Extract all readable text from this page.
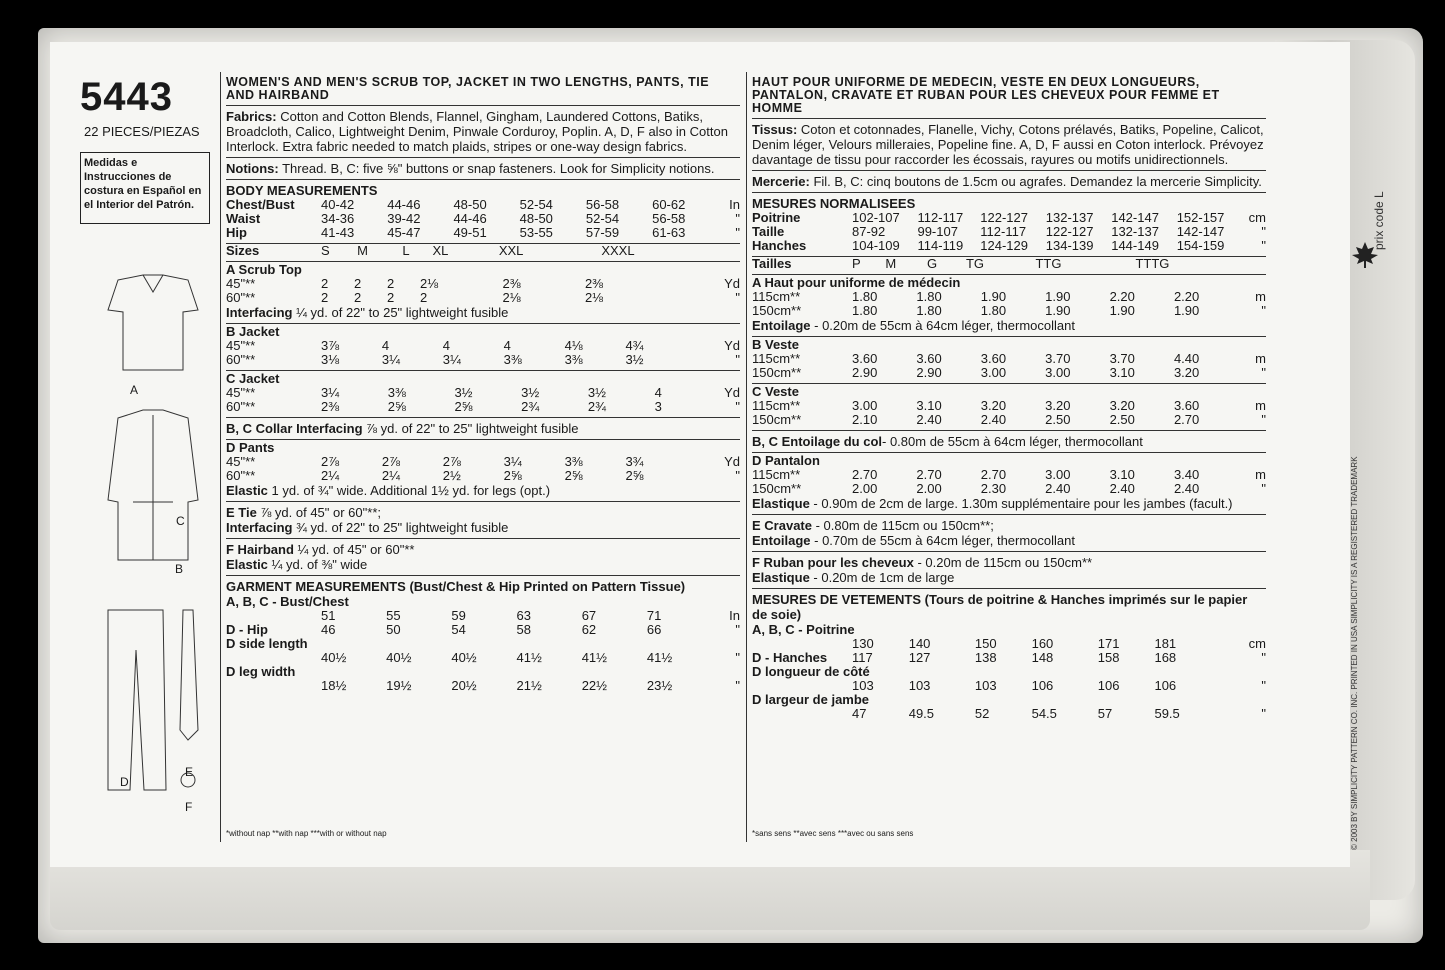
5443
22 PIECES/PIEZAS
Medidas e Instrucciones de costura en Español en el Interior del Patrón.
A
C
B
E
D
F
WOMEN'S AND MEN'S SCRUB TOP, JACKET IN TWO LENGTHS, PANTS, TIE AND HAIRBAND
Fabrics: Cotton and Cotton Blends, Flannel, Gingham, Laundered Cottons, Batiks, Broadcloth, Calico, Lightweight Denim, Pinwale Corduroy, Poplin. A, D, F also in Cotton Interlock. Extra fabric needed to match plaids, stripes or one-way design fabrics.
Notions: Thread. B, C: five ⅝" buttons or snap fasteners. Look for Simplicity notions.
BODY MEASUREMENTS
Chest/Bust	40-42	44-46	48-50	52-54	56-58	60-62	In
Waist	34-36	39-42	44-46	48-50	52-54	56-58	"
Hip	41-43	45-47	49-51	53-55	57-59	61-63	"
Sizes	S	M	L	XL	XXL	XXXL	
A Scrub Top
45"**	2	2	2	2⅛	2⅜	2⅜	Yd
60"**	2	2	2	2	2⅛	2⅛	"
Interfacing ¼ yd. of 22" to 25" lightweight fusible
B Jacket
45"**	3⅞	4	4	4	4⅛	4¾	Yd
60"**	3⅛	3¼	3¼	3⅜	3⅜	3½	"
C Jacket
45"**	3¼	3⅜	3½	3½	3½	4	Yd
60"**	2⅜	2⅝	2⅝	2¾	2¾	3	"
B, C Collar Interfacing ⅞ yd. of 22" to 25" lightweight fusible
D Pants
45"**	2⅞	2⅞	2⅞	3¼	3⅜	3¾	Yd
60"**	2¼	2¼	2½	2⅝	2⅝	2⅝	"
Elastic 1 yd. of ¾" wide. Additional 1½ yd. for legs (opt.)
E Tie ⅞ yd. of 45" or 60"**;
Interfacing ¾ yd. of 22" to 25" lightweight fusible
F Hairband ¼ yd. of 45" or 60"**
Elastic ¼ yd. of ⅜" wide
GARMENT MEASUREMENTS (Bust/Chest & Hip Printed on Pattern Tissue)
A, B, C - Bust/Chest
	51	55	59	63	67	71	In
D - Hip	46	50	54	58	62	66	"
D side length							
	40½	40½	40½	41½	41½	41½	"
D leg width							
	18½	19½	20½	21½	22½	23½	"
*without nap **with nap ***with or without nap
HAUT POUR UNIFORME DE MEDECIN, VESTE EN DEUX LONGUEURS, PANTALON, CRAVATE ET RUBAN POUR LES CHEVEUX POUR FEMME ET HOMME
Tissus: Coton et cotonnades, Flanelle, Vichy, Cotons prélavés, Batiks, Popeline, Calicot, Denim léger, Velours milleraies, Popeline fine. A, D, F aussi en Coton interlock. Prévoyez davantage de tissu pour raccorder les écossais, rayures ou motifs unidirectionnels.
Mercerie: Fil. B, C: cinq boutons de 1.5cm ou agrafes. Demandez la mercerie Simplicity.
MESURES NORMALISEES
Poitrine	102-107	112-117	122-127	132-137	142-147	152-157	cm
Taille	87-92	99-107	112-117	122-127	132-137	142-147	"
Hanches	104-109	114-119	124-129	134-139	144-149	154-159	"
Tailles	P	M	G	TG	TTG	TTTG	
A Haut pour uniforme de médecin
115cm**	1.80	1.80	1.90	1.90	2.20	2.20	m
150cm**	1.80	1.80	1.80	1.90	1.90	1.90	"
Entoilage - 0.20m de 55cm à 64cm léger, thermocollant
B Veste
115cm**	3.60	3.60	3.60	3.70	3.70	4.40	m
150cm**	2.90	2.90	3.00	3.00	3.10	3.20	"
C Veste
115cm**	3.00	3.10	3.20	3.20	3.20	3.60	m
150cm**	2.10	2.40	2.40	2.50	2.50	2.70	"
B, C Entoilage du col- 0.80m de 55cm à 64cm léger, thermocollant
D Pantalon
115cm**	2.70	2.70	2.70	3.00	3.10	3.40	m
150cm**	2.00	2.00	2.30	2.40	2.40	2.40	"
Elastique - 0.90m de 2cm de large. 1.30m supplémentaire pour les jambes (facult.)
E Cravate - 0.80m de 115cm ou 150cm**;
Entoilage - 0.70m de 55cm à 64cm léger, thermocollant
F Ruban pour les cheveux - 0.20m de 115cm ou 150cm**
Elastique - 0.20m de 1cm de large
MESURES DE VETEMENTS (Tours de poitrine & Hanches imprimés sur le papier de soie)
A, B, C - Poitrine
	130	140	150	160	171	181	cm
D - Hanches	117	127	138	148	158	168	"
D longueur de côté							
	103	103	103	106	106	106	"
D largeur de jambe							
	47	49.5	52	54.5	57	59.5	"
*sans sens **avec sens ***avec ou sans sens	© 2003 BY SIMPLICITY PATTERN CO. INC. PRINTED IN USA SIMPLICITY IS A REGISTERED TRADEMARK
prix code L
